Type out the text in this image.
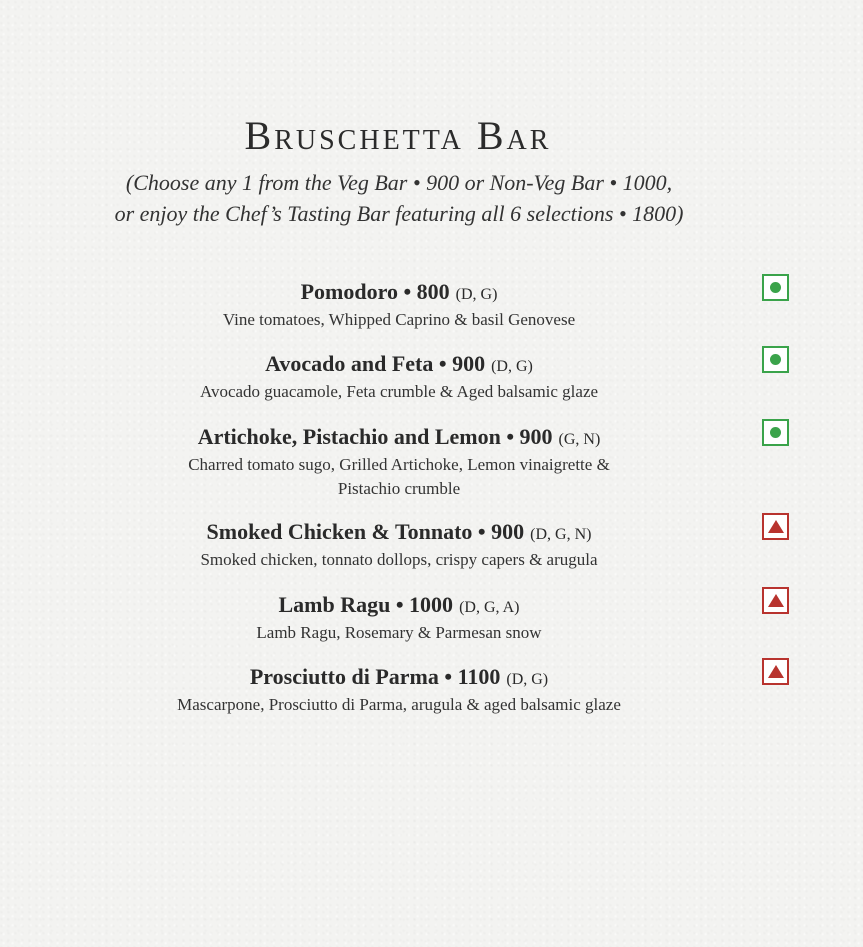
Bruschetta Bar

(Choose any 1 from the Veg Bar • 900 or Non-Veg Bar • 1000,

or enjoy the Chef’s Tasting Bar featuring all 6 selections • 1800)

Pomodoro • 800 (D, G)
Vine tomatoes, Whipped Caprino & basil Genovese
Avocado and Feta • 900 (D, G)
Avocado guacamole, Feta crumble & Aged balsamic glaze
Artichoke, Pistachio and Lemon • 900 (G, N)
Charred tomato sugo, Grilled Artichoke, Lemon vinaigrette &
Pistachio crumble
Smoked Chicken & Tonnato • 900 (D, G, N)
Smoked chicken, tonnato dollops, crispy capers & arugula
Lamb Ragu • 1000 (D, G, A)
Lamb Ragu, Rosemary & Parmesan snow
Prosciutto di Parma • 1100 (D, G)
Mascarpone, Prosciutto di Parma, arugula & aged balsamic glaze
